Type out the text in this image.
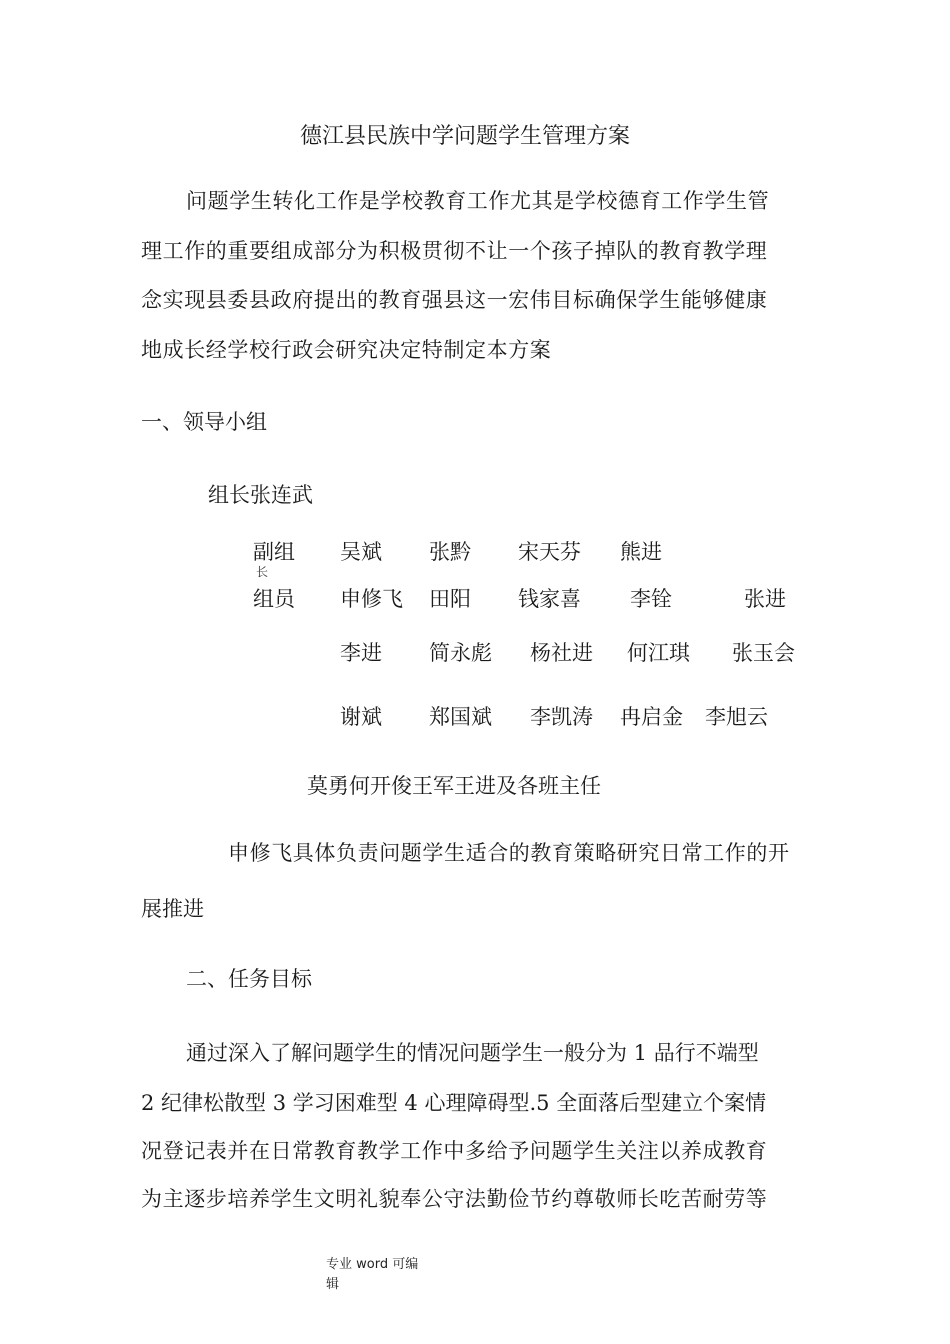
德江县民族中学问题学生管理方案
问题学生转化工作是学校教育工作尤其是学校德育工作学生管
理工作的重要组成部分为积极贯彻不让一个孩子掉队的教育教学理
念实现县委县政府提出的教育强县这一宏伟目标确保学生能够健康
地成长经学校行政会研究决定特制定本方案
一、领导小组
组长张连武
副组
长
吴斌 张黔 宋天芬 熊进
组员 申修飞 田阳 钱家喜 李铨	张进
李进 简永彪 杨社进 何江琪 张玉会
谢斌 郑国斌 李凯涛 冉启金 李旭云
莫勇何开俊王军王进及各班主任
申修飞具体负责问题学生适合的教育策略研究日常工作的开
展推进
二、任务目标
通过深入了解问题学生的情况问题学生一般分为 1 品行不端型
2 纪律松散型 3 学习困难型 4 心理障碍型.5 全面落后型建立个案情
况登记表并在日常教育教学工作中多给予问题学生关注以养成教育
为主逐步培养学生文明礼貌奉公守法勤俭节约尊敬师长吃苦耐劳等
专业 word 可编
辑
